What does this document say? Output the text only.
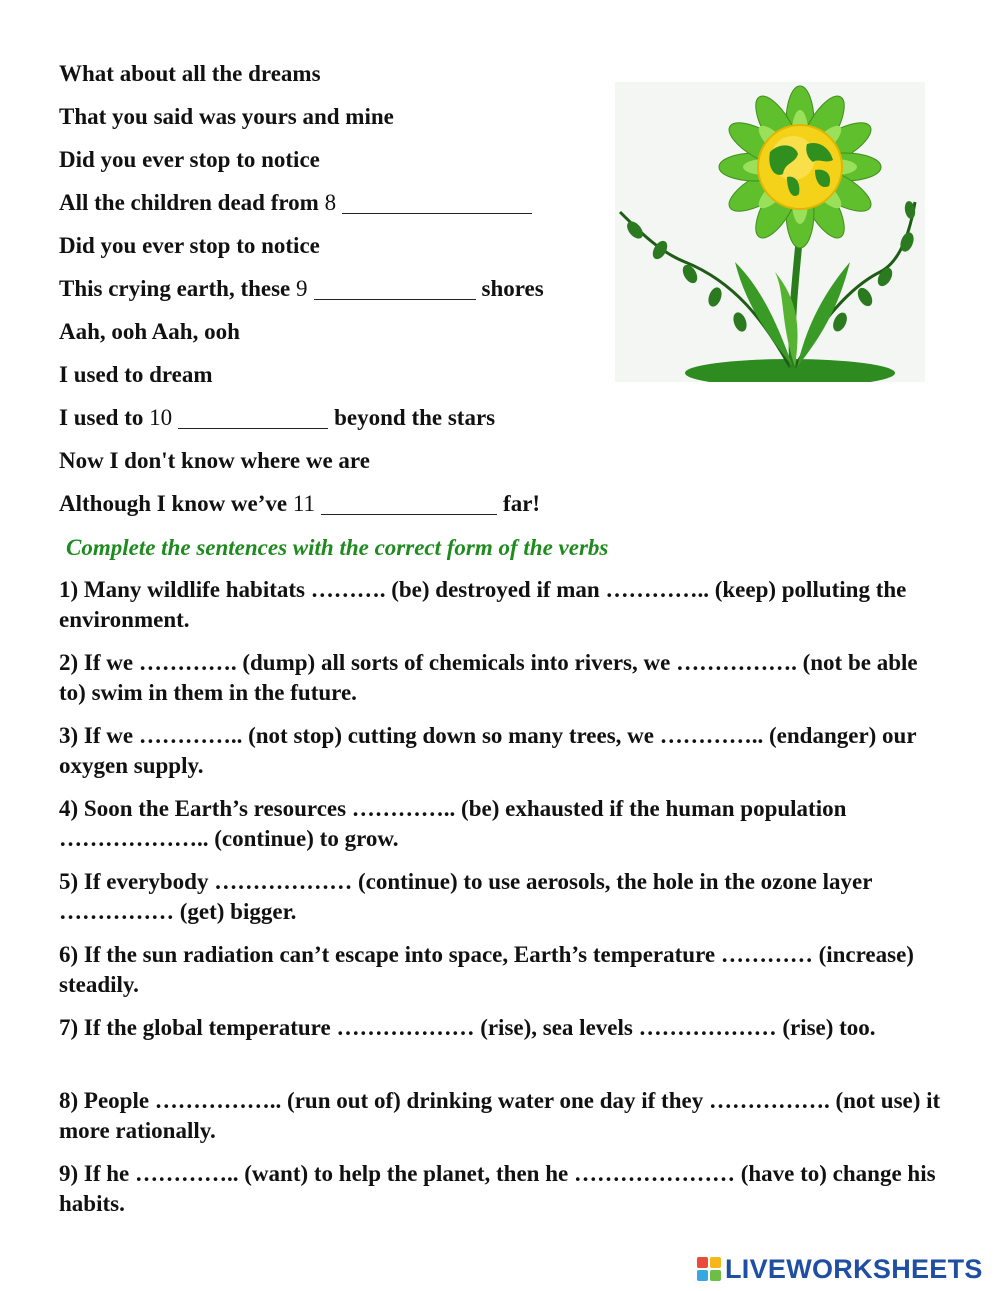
What about all the dreams
That you said was yours and mine
Did you ever stop to notice
All the children dead from 8
Did you ever stop to notice
This crying earth, these 9	shores
Aah, ooh Aah, ooh
I used to dream
I used to 10	beyond the stars
Now I don't know where we are
Although I know we’ve 11	far!
Complete the sentences with the correct form of the verbs
1) Many wildlife habitats ………. (be) destroyed if man ………….. (keep) polluting the environment.
2) If we …………. (dump) all sorts of chemicals into rivers, we ……………. (not be able to) swim in them in the future.
3) If we ………….. (not stop) cutting down so many trees, we ………….. (endanger) our oxygen supply.
4) Soon the Earth’s resources ………….. (be) exhausted if the human population ……………….. (continue) to grow.
5) If everybody ……………… (continue) to use aerosols, the hole in the ozone layer …………… (get) bigger.
6) If the sun radiation can’t escape into space, Earth’s temperature ………… (increase) steadily.
7) If the global temperature ……………… (rise), sea levels ……………… (rise) too.
8) People …………….. (run out of) drinking water one day if they ……………. (not use) it more rationally.
9) If he ………….. (want) to help the planet, then he ………………… (have to) change his habits.
LIVEWORKSHEETS
